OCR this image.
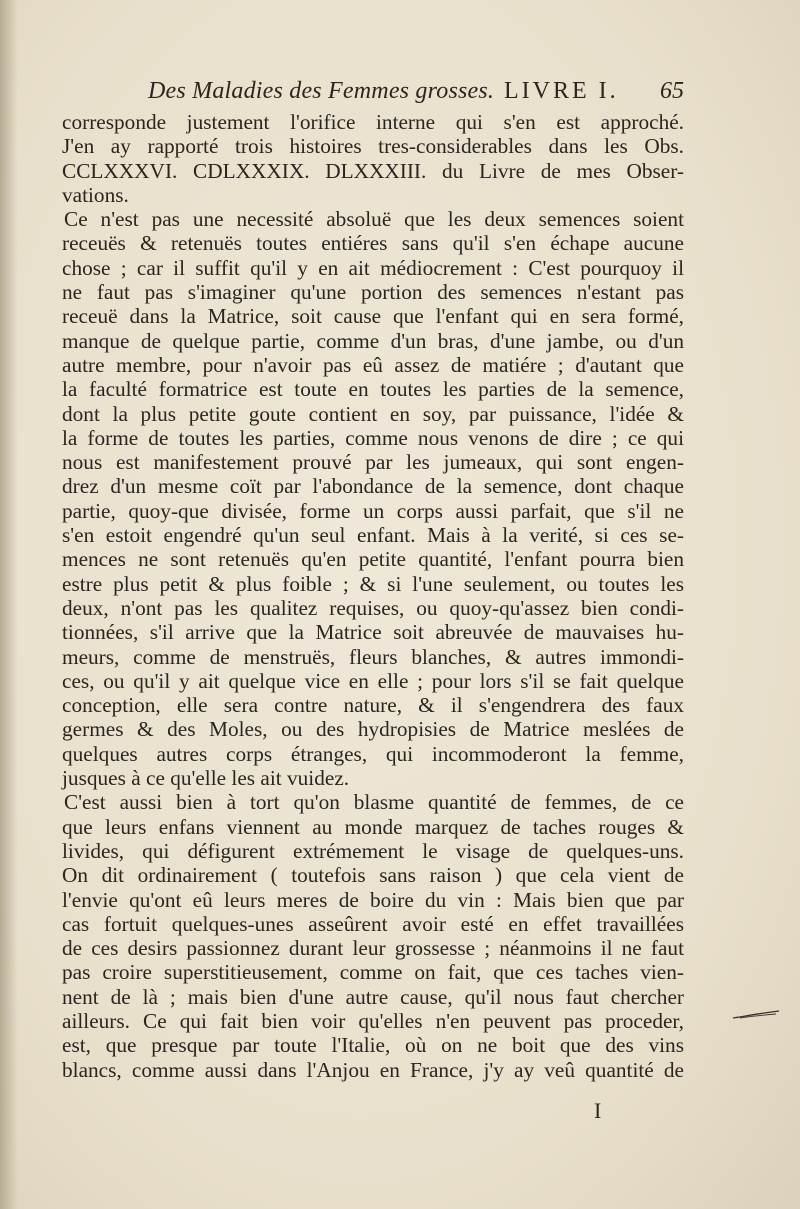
Des Maladies des Femmes grosses. LIVRE I. 65
corresponde justement l'orifice interne qui s'en est approché.
J'en ay rapporté trois histoires tres-considerables dans les Obs.
CCLXXXVI. CDLXXXIX. DLXXXIII. du Livre de mes Obser-
vations.
Ce n'est pas une necessité absoluë que les deux semences soient
receuës & retenuës toutes entiéres sans qu'il s'en échape aucune
chose ; car il suffit qu'il y en ait médiocrement : C'est pourquoy il
ne faut pas s'imaginer qu'une portion des semences n'estant pas
receuë dans la Matrice, soit cause que l'enfant qui en sera formé,
manque de quelque partie, comme d'un bras, d'une jambe, ou d'un
autre membre, pour n'avoir pas eû assez de matiére ; d'autant que
la faculté formatrice est toute en toutes les parties de la semence,
dont la plus petite goute contient en soy, par puissance, l'idée &
la forme de toutes les parties, comme nous venons de dire ; ce qui
nous est manifestement prouvé par les jumeaux, qui sont engen-
drez d'un mesme coït par l'abondance de la semence, dont chaque
partie, quoy-que divisée, forme un corps aussi parfait, que s'il ne
s'en estoit engendré qu'un seul enfant. Mais à la verité, si ces se-
mences ne sont retenuës qu'en petite quantité, l'enfant pourra bien
estre plus petit & plus foible ; & si l'une seulement, ou toutes les
deux, n'ont pas les qualitez requises, ou quoy-qu'assez bien condi-
tionnées, s'il arrive que la Matrice soit abreuvée de mauvaises hu-
meurs, comme de menstruës, fleurs blanches, & autres immondi-
ces, ou qu'il y ait quelque vice en elle ; pour lors s'il se fait quelque
conception, elle sera contre nature, & il s'engendrera des faux
germes & des Moles, ou des hydropisies de Matrice meslées de
quelques autres corps étranges, qui incommoderont la femme,
jusques à ce qu'elle les ait vuidez.
C'est aussi bien à tort qu'on blasme quantité de femmes, de ce
que leurs enfans viennent au monde marquez de taches rouges &
livides, qui défigurent extrémement le visage de quelques-uns.
On dit ordinairement ( toutefois sans raison ) que cela vient de
l'envie qu'ont eû leurs meres de boire du vin : Mais bien que par
cas fortuit quelques-unes asseûrent avoir esté en effet travaillées
de ces desirs passionnez durant leur grossesse ; néanmoins il ne faut
pas croire superstitieusement, comme on fait, que ces taches vien-
nent de là ; mais bien d'une autre cause, qu'il nous faut chercher
ailleurs. Ce qui fait bien voir qu'elles n'en peuvent pas proceder,
est, que presque par toute l'Italie, où on ne boit que des vins
blancs, comme aussi dans l'Anjou en France, j'y ay veû quantité de
I
